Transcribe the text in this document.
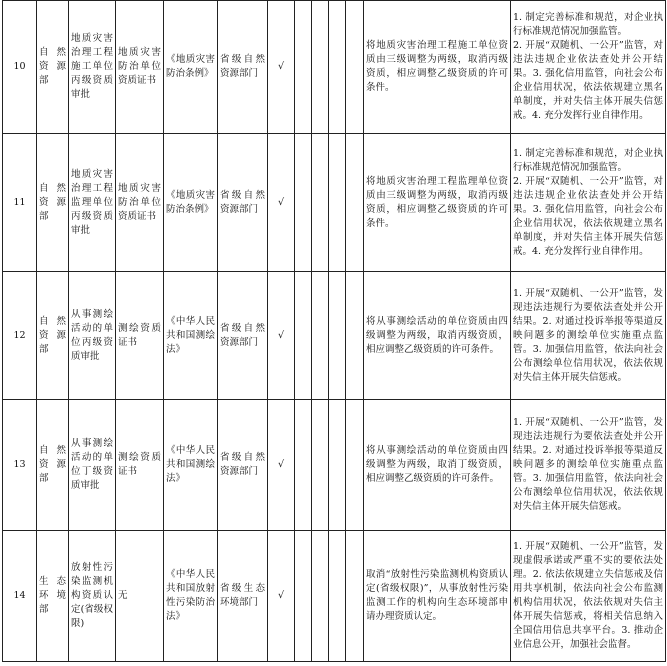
10	自然资源部	地质灾害治理工程施工单位丙级资质审批	地质灾害防治单位资质证书	《地质灾害防治条例》	省级自然资源部门	√					将地质灾害治理工程施工单位资质由三级调整为两级，取消丙级资质，相应调整乙级资质的许可条件。	1. 制定完善标准和规范，对企业执行标准规范情况加强监管。
2. 开展“双随机、一公开”监管，对违法违规企业依法查处并公开结果。3. 强化信用监管，向社会公布企业信用状况，依法依规建立黑名单制度，并对失信主体开展失信惩戒。4. 充分发挥行业自律作用。

11	自然资源部	地质灾害治理工程监理单位丙级资质审批	地质灾害防治单位资质证书	《地质灾害防治条例》	省级自然资源部门	√					将地质灾害治理工程监理单位资质由三级调整为两级，取消丙级资质，相应调整乙级资质的许可条件。	1. 制定完善标准和规范，对企业执行标准规范情况加强监管。
2. 开展“双随机、一公开”监管，对违法违规企业依法查处并公开结果。3. 强化信用监管，向社会公布企业信用状况，依法依规建立黑名单制度，并对失信主体开展失信惩戒。4. 充分发挥行业自律作用。

12	自然资源部	从事测绘活动的单位丙级资质审批	测绘资质证书	《中华人民共和国测绘法》	省级自然资源部门	√					将从事测绘活动的单位资质由四级调整为两级，取消丙级资质，相应调整乙级资质的许可条件。	1. 开展“双随机、一公开”监管，发现违法违规行为要依法查处并公开结果。2. 对通过投诉举报等渠道反映问题多的测绘单位实施重点监管。3. 加强信用监管，依法向社会公布测绘单位信用状况，依法依规对失信主体开展失信惩戒。
13	自然资源部	从事测绘活动的单位丁级资质审批	测绘资质证书	《中华人民共和国测绘法》	省级自然资源部门	√					将从事测绘活动的单位资质由四级调整为两级，取消丁级资质，相应调整乙级资质的许可条件。	1. 开展“双随机、一公开”监管，发现违法违规行为要依法查处并公开结果。2. 对通过投诉举报等渠道反映问题多的测绘单位实施重点监管。3. 加强信用监管，依法向社会公布测绘单位信用状况，依法依规对失信主体开展失信惩戒。
14	生态环境部	放射性污染监测机构资质认定(省级权限)	无	《中华人民共和国放射性污染防治法》	省级生态环境部门	√					取消“放射性污染监测机构资质认定(省级权限)”，从事放射性污染监测工作的机构向生态环境部申请办理资质认定。	1. 开展“双随机、一公开”监管，发现虚假承诺或严重不实的要依法处理。2. 依法依规建立失信惩戒及信用共享机制，依法向社会公布监测机构信用状况，依法依规对失信主体开展失信惩戒，将相关信息纳入全国信用信息共享平台。3. 推动企业信息公开，加强社会监督。
